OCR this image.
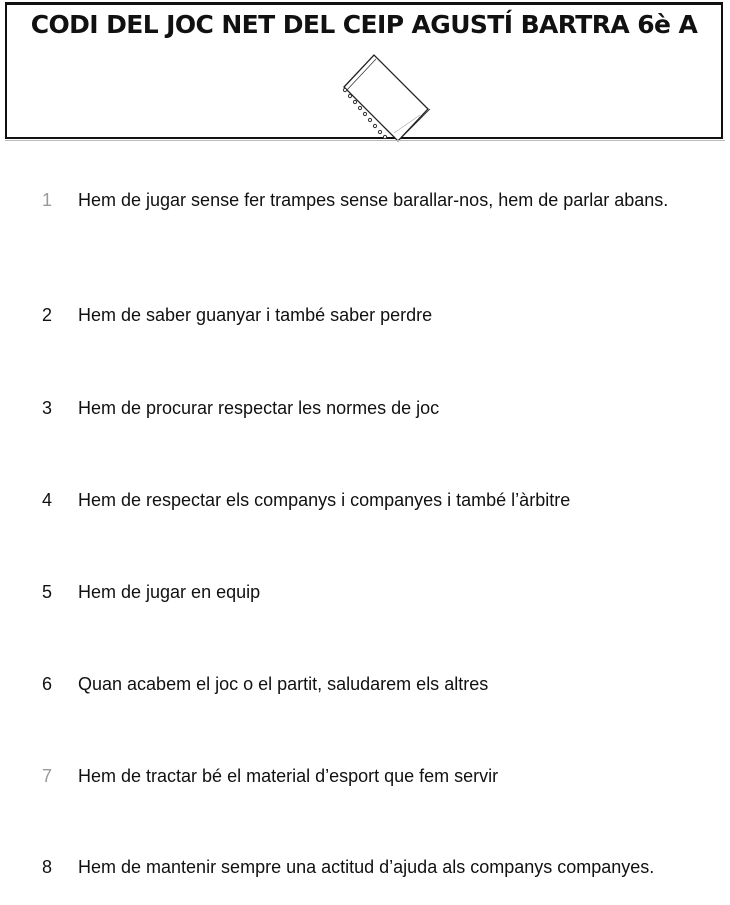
CODI DEL JOC NET DEL CEIP AGUSTÍ BARTRA 6è A
1	Hem de jugar sense fer trampes sense barallar-nos, hem de parlar abans.
2	Hem de saber guanyar i també saber perdre
3	Hem de procurar respectar les normes de joc
4	Hem de respectar els companys i companyes i també l’àrbitre
5	Hem de jugar en equip
6	Quan acabem el joc o el partit, saludarem els altres
7	Hem de tractar bé el material d’esport que fem servir
8	Hem de mantenir sempre una actitud d’ajuda als companys companyes.
